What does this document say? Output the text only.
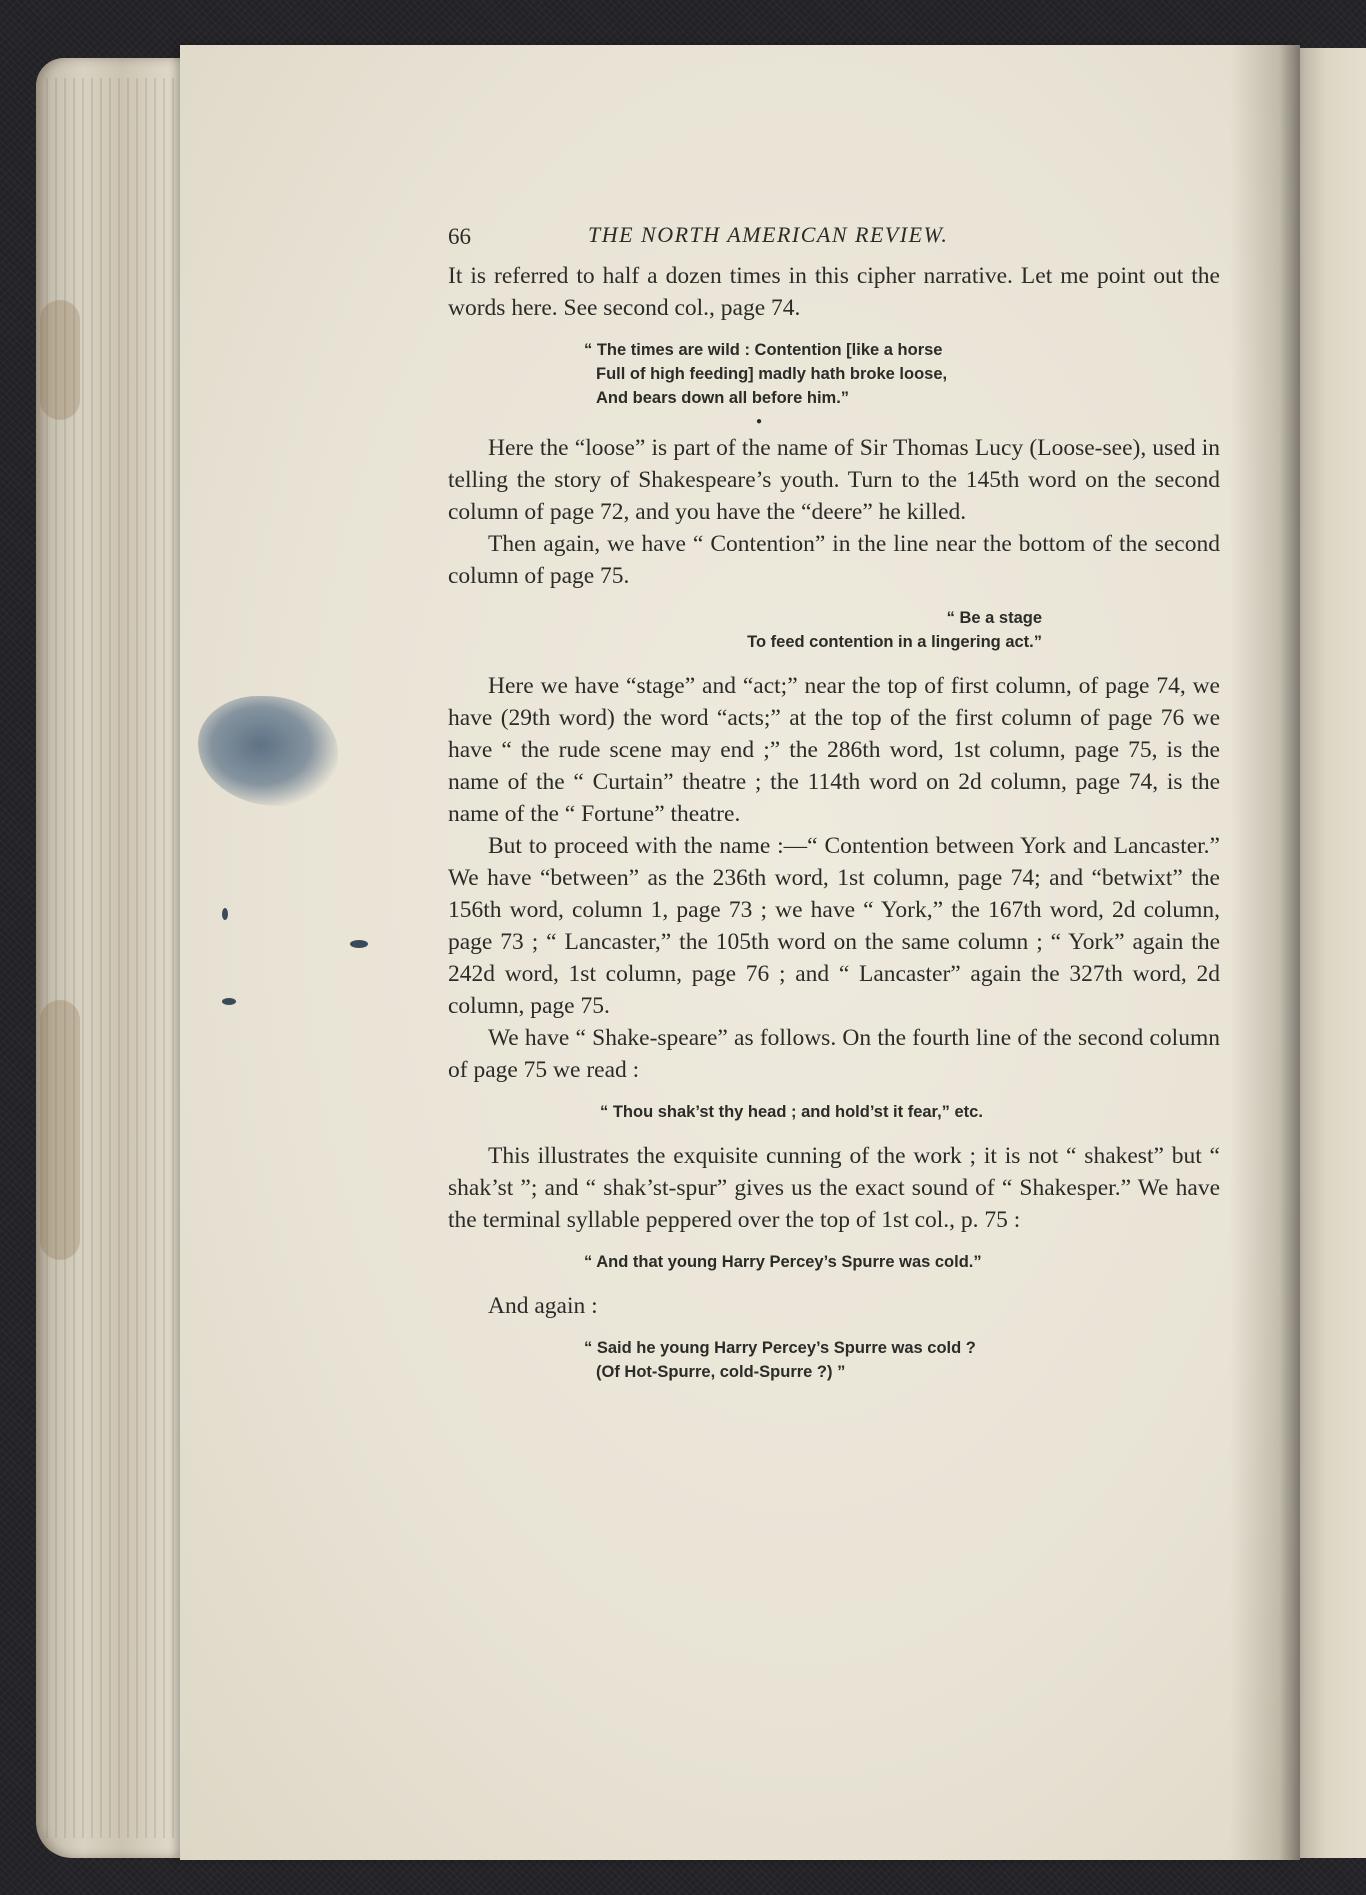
66	THE NORTH AMERICAN REVIEW.

It is referred to half a dozen times in this cipher narrative. Let me point out the words here. See second col., page 74.

“ The times are wild : Contention [like a horse
Full of high feeding] madly hath broke loose,
And bears down all before him.”
●

Here the “loose” is part of the name of Sir Thomas Lucy (Loose-see), used in telling the story of Shakespeare’s youth. Turn to the 145th word on the second column of page 72, and you have the “deere” he killed.

Then again, we have “ Contention” in the line near the bottom of the second column of page 75.

“ Be a stage
To feed contention in a lingering act.”

Here we have “stage” and “act;” near the top of first column, of page 74, we have (29th word) the word “acts;” at the top of the first column of page 76 we have “ the rude scene may end ;” the 286th word, 1st column, page 75, is the name of the “ Curtain” theatre ; the 114th word on 2d column, page 74, is the name of the “ Fortune” theatre.

But to proceed with the name :—“ Contention between York and Lancaster.” We have “between” as the 236th word, 1st column, page 74; and “betwixt” the 156th word, column 1, page 73 ; we have “ York,” the 167th word, 2d column, page 73 ; “ Lancaster,” the 105th word on the same column ; “ York” again the 242d word, 1st column, page 76 ; and “ Lancaster” again the 327th word, 2d column, page 75.

We have “ Shake-speare” as follows. On the fourth line of the second column of page 75 we read :

“ Thou shak’st thy head ; and hold’st it fear,” etc.

This illustrates the exquisite cunning of the work ; it is not “ shakest” but “ shak’st ”; and “ shak’st-spur” gives us the exact sound of “ Shakesper.” We have the terminal syllable peppered over the top of 1st col., p. 75 :

“ And that young Harry Percey’s Spurre was cold.”

And again :

“ Said he young Harry Percey’s Spurre was cold ?
(Of Hot-Spurre, cold-Spurre ?) ”
